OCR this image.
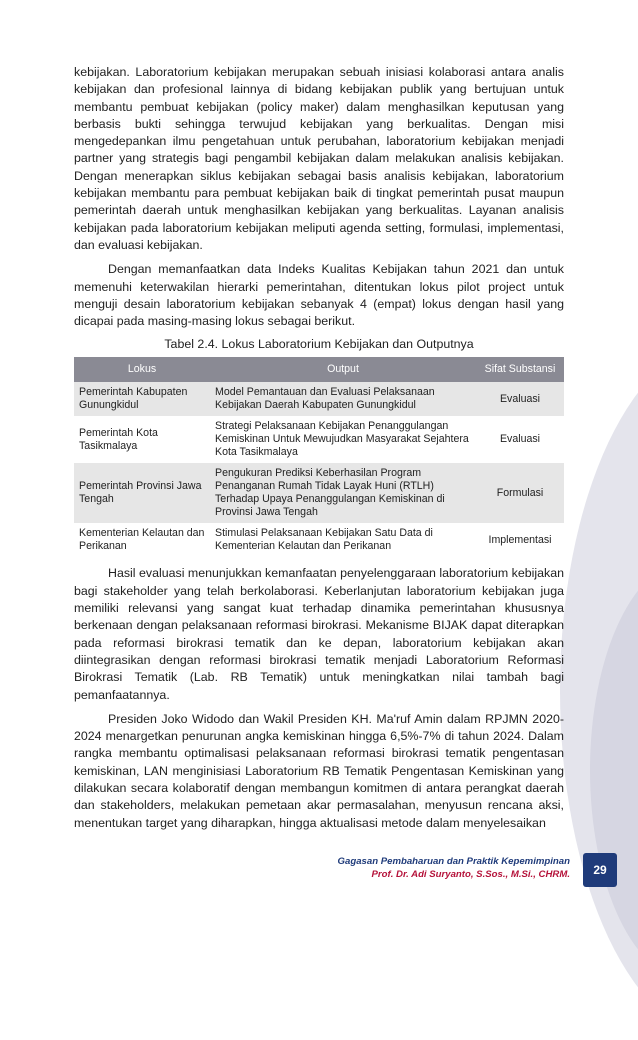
kebijakan. Laboratorium kebijakan merupakan sebuah inisiasi kolaborasi antara analis kebijakan dan profesional lainnya di bidang kebijakan publik yang bertujuan untuk membantu pembuat kebijakan (policy maker) dalam menghasilkan keputusan yang berbasis bukti sehingga terwujud kebijakan yang berkualitas. Dengan misi mengedepankan ilmu pengetahuan untuk perubahan, laboratorium kebijakan menjadi partner yang strategis bagi pengambil kebijakan dalam melakukan analisis kebijakan. Dengan menerapkan siklus kebijakan sebagai basis analisis kebijakan, laboratorium kebijakan membantu para pembuat kebijakan baik di tingkat pemerintah pusat maupun pemerintah daerah untuk menghasilkan kebijakan yang berkualitas. Layanan analisis kebijakan pada laboratorium kebijakan meliputi agenda setting, formulasi, implementasi, dan evaluasi kebijakan.

Dengan memanfaatkan data Indeks Kualitas Kebijakan tahun 2021 dan untuk memenuhi keterwakilan hierarki pemerintahan, ditentukan lokus pilot project untuk menguji desain laboratorium kebijakan sebanyak 4 (empat) lokus dengan hasil yang dicapai pada masing-masing lokus sebagai berikut.

Tabel 2.4. Lokus Laboratorium Kebijakan dan Outputnya
Lokus	Output	Sifat Substansi
Pemerintah Kabupaten Gunungkidul	Model Pemantauan dan Evaluasi Pelaksanaan Kebijakan Daerah Kabupaten Gunungkidul	Evaluasi
Pemerintah Kota Tasikmalaya	Strategi Pelaksanaan Kebijakan Penanggulangan Kemiskinan Untuk Mewujudkan Masyarakat Sejahtera Kota Tasikmalaya	Evaluasi
Pemerintah Provinsi Jawa Tengah	Pengukuran Prediksi Keberhasilan Program Penanganan Rumah Tidak Layak Huni (RTLH) Terhadap Upaya Penanggulangan Kemiskinan di Provinsi Jawa Tengah	Formulasi
Kementerian Kelautan dan Perikanan	Stimulasi Pelaksanaan Kebijakan Satu Data di Kementerian Kelautan dan Perikanan	Implementasi

Hasil evaluasi menunjukkan kemanfaatan penyelenggaraan laboratorium kebijakan bagi stakeholder yang telah berkolaborasi. Keberlanjutan laboratorium kebijakan juga memiliki relevansi yang sangat kuat terhadap dinamika pemerintahan khususnya berkenaan dengan pelaksanaan reformasi birokrasi. Mekanisme BIJAK dapat diterapkan pada reformasi birokrasi tematik dan ke depan, laboratorium kebijakan akan diintegrasikan dengan reformasi birokrasi tematik menjadi Laboratorium Reformasi Birokrasi Tematik (Lab. RB Tematik) untuk meningkatkan nilai tambah bagi pemanfaatannya.

Presiden Joko Widodo dan Wakil Presiden KH. Ma'ruf Amin dalam RPJMN 2020-2024 menargetkan penurunan angka kemiskinan hingga 6,5%-7% di tahun 2024. Dalam rangka membantu optimalisasi pelaksanaan reformasi birokrasi tematik pengentasan kemiskinan, LAN menginisiasi Laboratorium RB Tematik Pengentasan Kemiskinan yang dilakukan secara kolaboratif dengan membangun komitmen di antara perangkat daerah dan stakeholders, melakukan pemetaan akar permasalahan, menyusun rencana aksi, menentukan target yang diharapkan, hingga aktualisasi metode dalam menyelesaikan

Gagasan Pembaharuan dan Praktik Kepemimpinan
Prof. Dr. Adi Suryanto, S.Sos., M.Si., CHRM.	29
